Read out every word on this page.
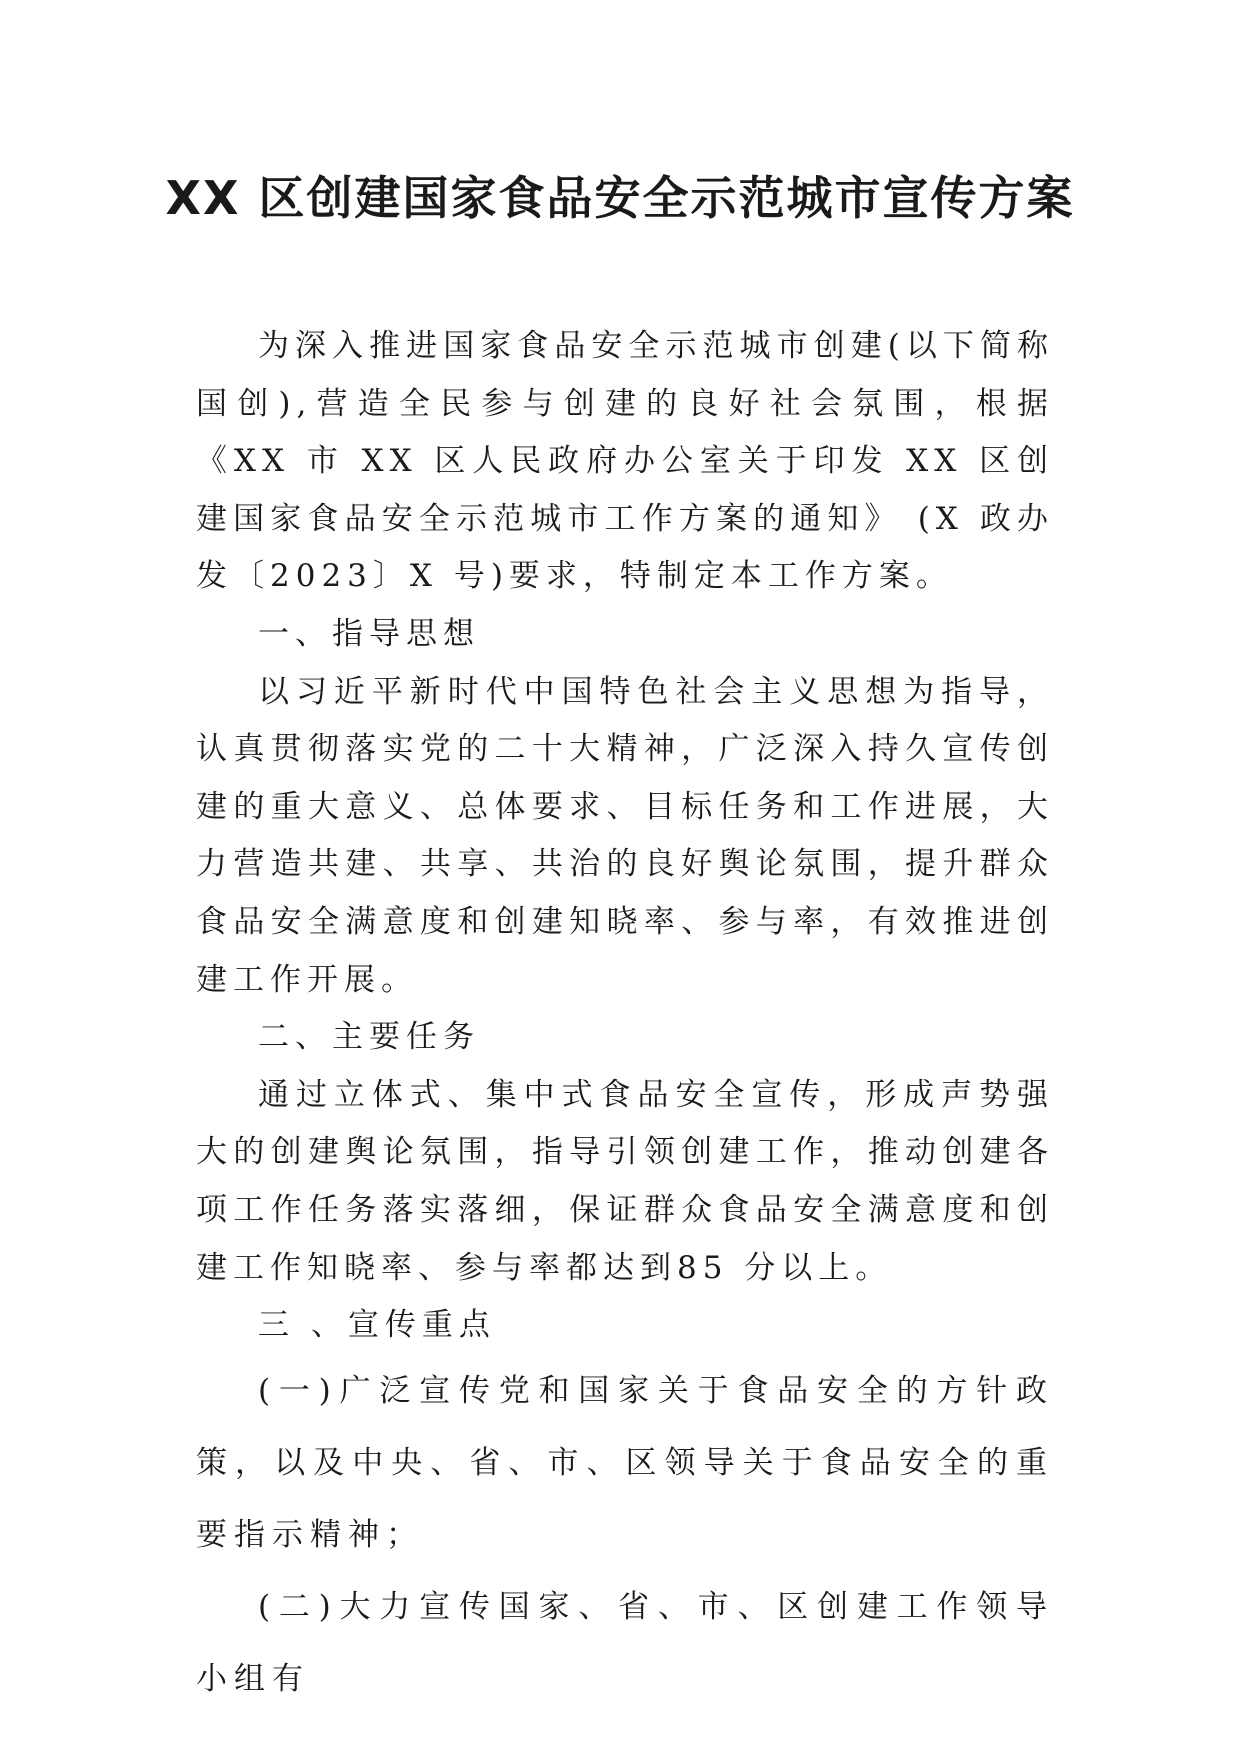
XX 区创建国家食品安全示范城市宣传方案

为深入推进国家食品安全示范城市创建(以下简称国创),营造全民参与创建的良好社会氛围，根据《XX 市 XX 区人民政府办公室关于印发 XX 区创建国家食品安全示范城市工作方案的通知》 (X 政办发〔2023〕X 号)要求，特制定本工作方案。

一、指导思想

以习近平新时代中国特色社会主义思想为指导，认真贯彻落实党的二十大精神，广泛深入持久宣传创建的重大意义、总体要求、目标任务和工作进展，大力营造共建、共享、共治的良好舆论氛围，提升群众食品安全满意度和创建知晓率、参与率，有效推进创建工作开展。

二、主要任务

通过立体式、集中式食品安全宣传，形成声势强大的创建舆论氛围，指导引领创建工作，推动创建各项工作任务落实落细，保证群众食品安全满意度和创建工作知晓率、参与率都达到85 分以上。

三 、宣传重点

(一)广泛宣传党和国家关于食品安全的方针政策，以及中央、省、市、区领导关于食品安全的重要指示精神；

(二)大力宣传国家、省、市、区创建工作领导小组有
